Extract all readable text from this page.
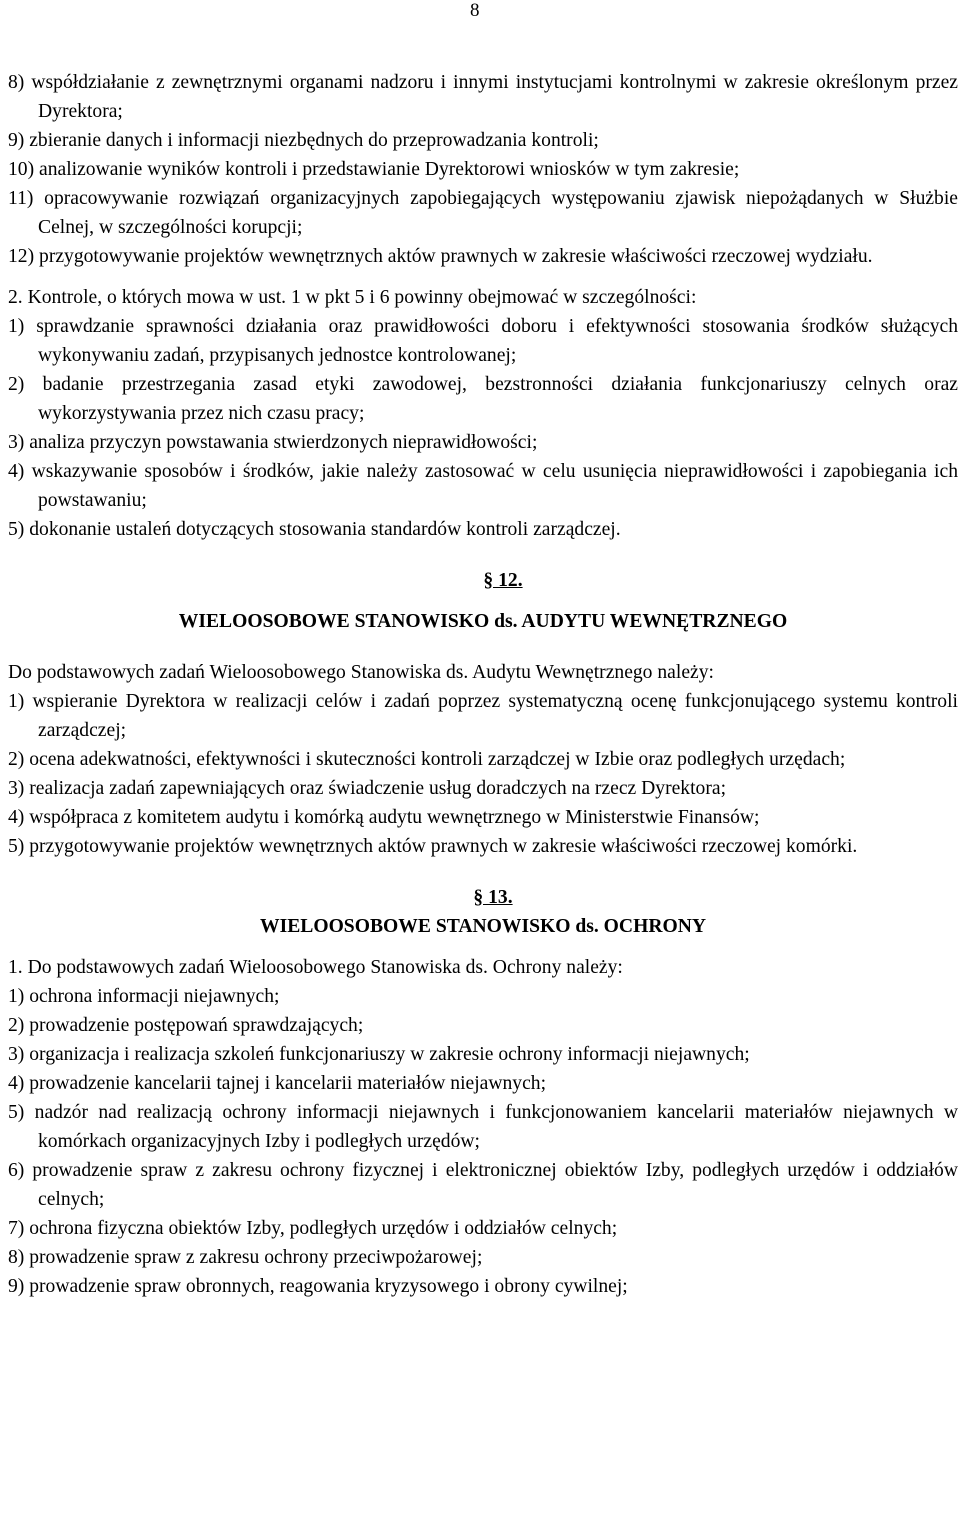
8
8) współdziałanie z zewnętrznymi organami nadzoru i innymi instytucjami kontrolnymi w zakresie określonym przez Dyrektora;
9) zbieranie danych i informacji niezbędnych do przeprowadzania kontroli;
10) analizowanie wyników kontroli i przedstawianie Dyrektorowi wniosków w tym zakresie;
11) opracowywanie rozwiązań organizacyjnych zapobiegających występowaniu zjawisk niepożądanych w Służbie Celnej, w szczególności korupcji;
12) przygotowywanie projektów wewnętrznych aktów prawnych w zakresie właściwości rzeczowej wydziału.
2. Kontrole, o których mowa w ust. 1 w pkt 5 i 6 powinny obejmować w szczególności:
1) sprawdzanie sprawności działania oraz prawidłowości doboru i efektywności stosowania środków służących wykonywaniu zadań, przypisanych jednostce kontrolowanej;
2) badanie przestrzegania zasad etyki zawodowej, bezstronności działania funkcjonariuszy celnych oraz wykorzystywania przez nich czasu pracy;
3) analiza przyczyn powstawania stwierdzonych nieprawidłowości;
4) wskazywanie sposobów i środków, jakie należy zastosować w celu usunięcia nieprawidłowości i zapobiegania ich powstawaniu;
5) dokonanie ustaleń dotyczących stosowania standardów kontroli zarządczej.
§ 12.
WIELOOSOBOWE STANOWISKO ds. AUDYTU WEWNĘTRZNEGO
Do podstawowych zadań Wieloosobowego Stanowiska ds. Audytu Wewnętrznego należy:
1) wspieranie Dyrektora w realizacji celów i zadań poprzez systematyczną ocenę funkcjonującego systemu kontroli zarządczej;
2) ocena adekwatności, efektywności i skuteczności kontroli zarządczej w Izbie oraz podległych urzędach;
3) realizacja zadań zapewniających oraz świadczenie usług doradczych na rzecz Dyrektora;
4) współpraca z komitetem audytu i komórką audytu wewnętrznego w Ministerstwie Finansów;
5) przygotowywanie projektów wewnętrznych aktów prawnych w zakresie właściwości rzeczowej komórki.
§ 13.
WIELOOSOBOWE STANOWISKO ds. OCHRONY
1. Do podstawowych zadań Wieloosobowego Stanowiska ds. Ochrony należy:
1) ochrona informacji niejawnych;
2) prowadzenie postępowań sprawdzających;
3) organizacja i realizacja szkoleń funkcjonariuszy w zakresie ochrony informacji niejawnych;
4) prowadzenie kancelarii tajnej i kancelarii materiałów niejawnych;
5) nadzór nad realizacją ochrony informacji niejawnych i funkcjonowaniem kancelarii materiałów niejawnych w komórkach organizacyjnych Izby i podległych urzędów;
6) prowadzenie spraw z zakresu ochrony fizycznej i elektronicznej obiektów Izby, podległych urzędów i oddziałów celnych;
7) ochrona fizyczna obiektów Izby, podległych urzędów i oddziałów celnych;
8) prowadzenie spraw z zakresu ochrony przeciwpożarowej;
9) prowadzenie spraw obronnych, reagowania kryzysowego i obrony cywilnej;
